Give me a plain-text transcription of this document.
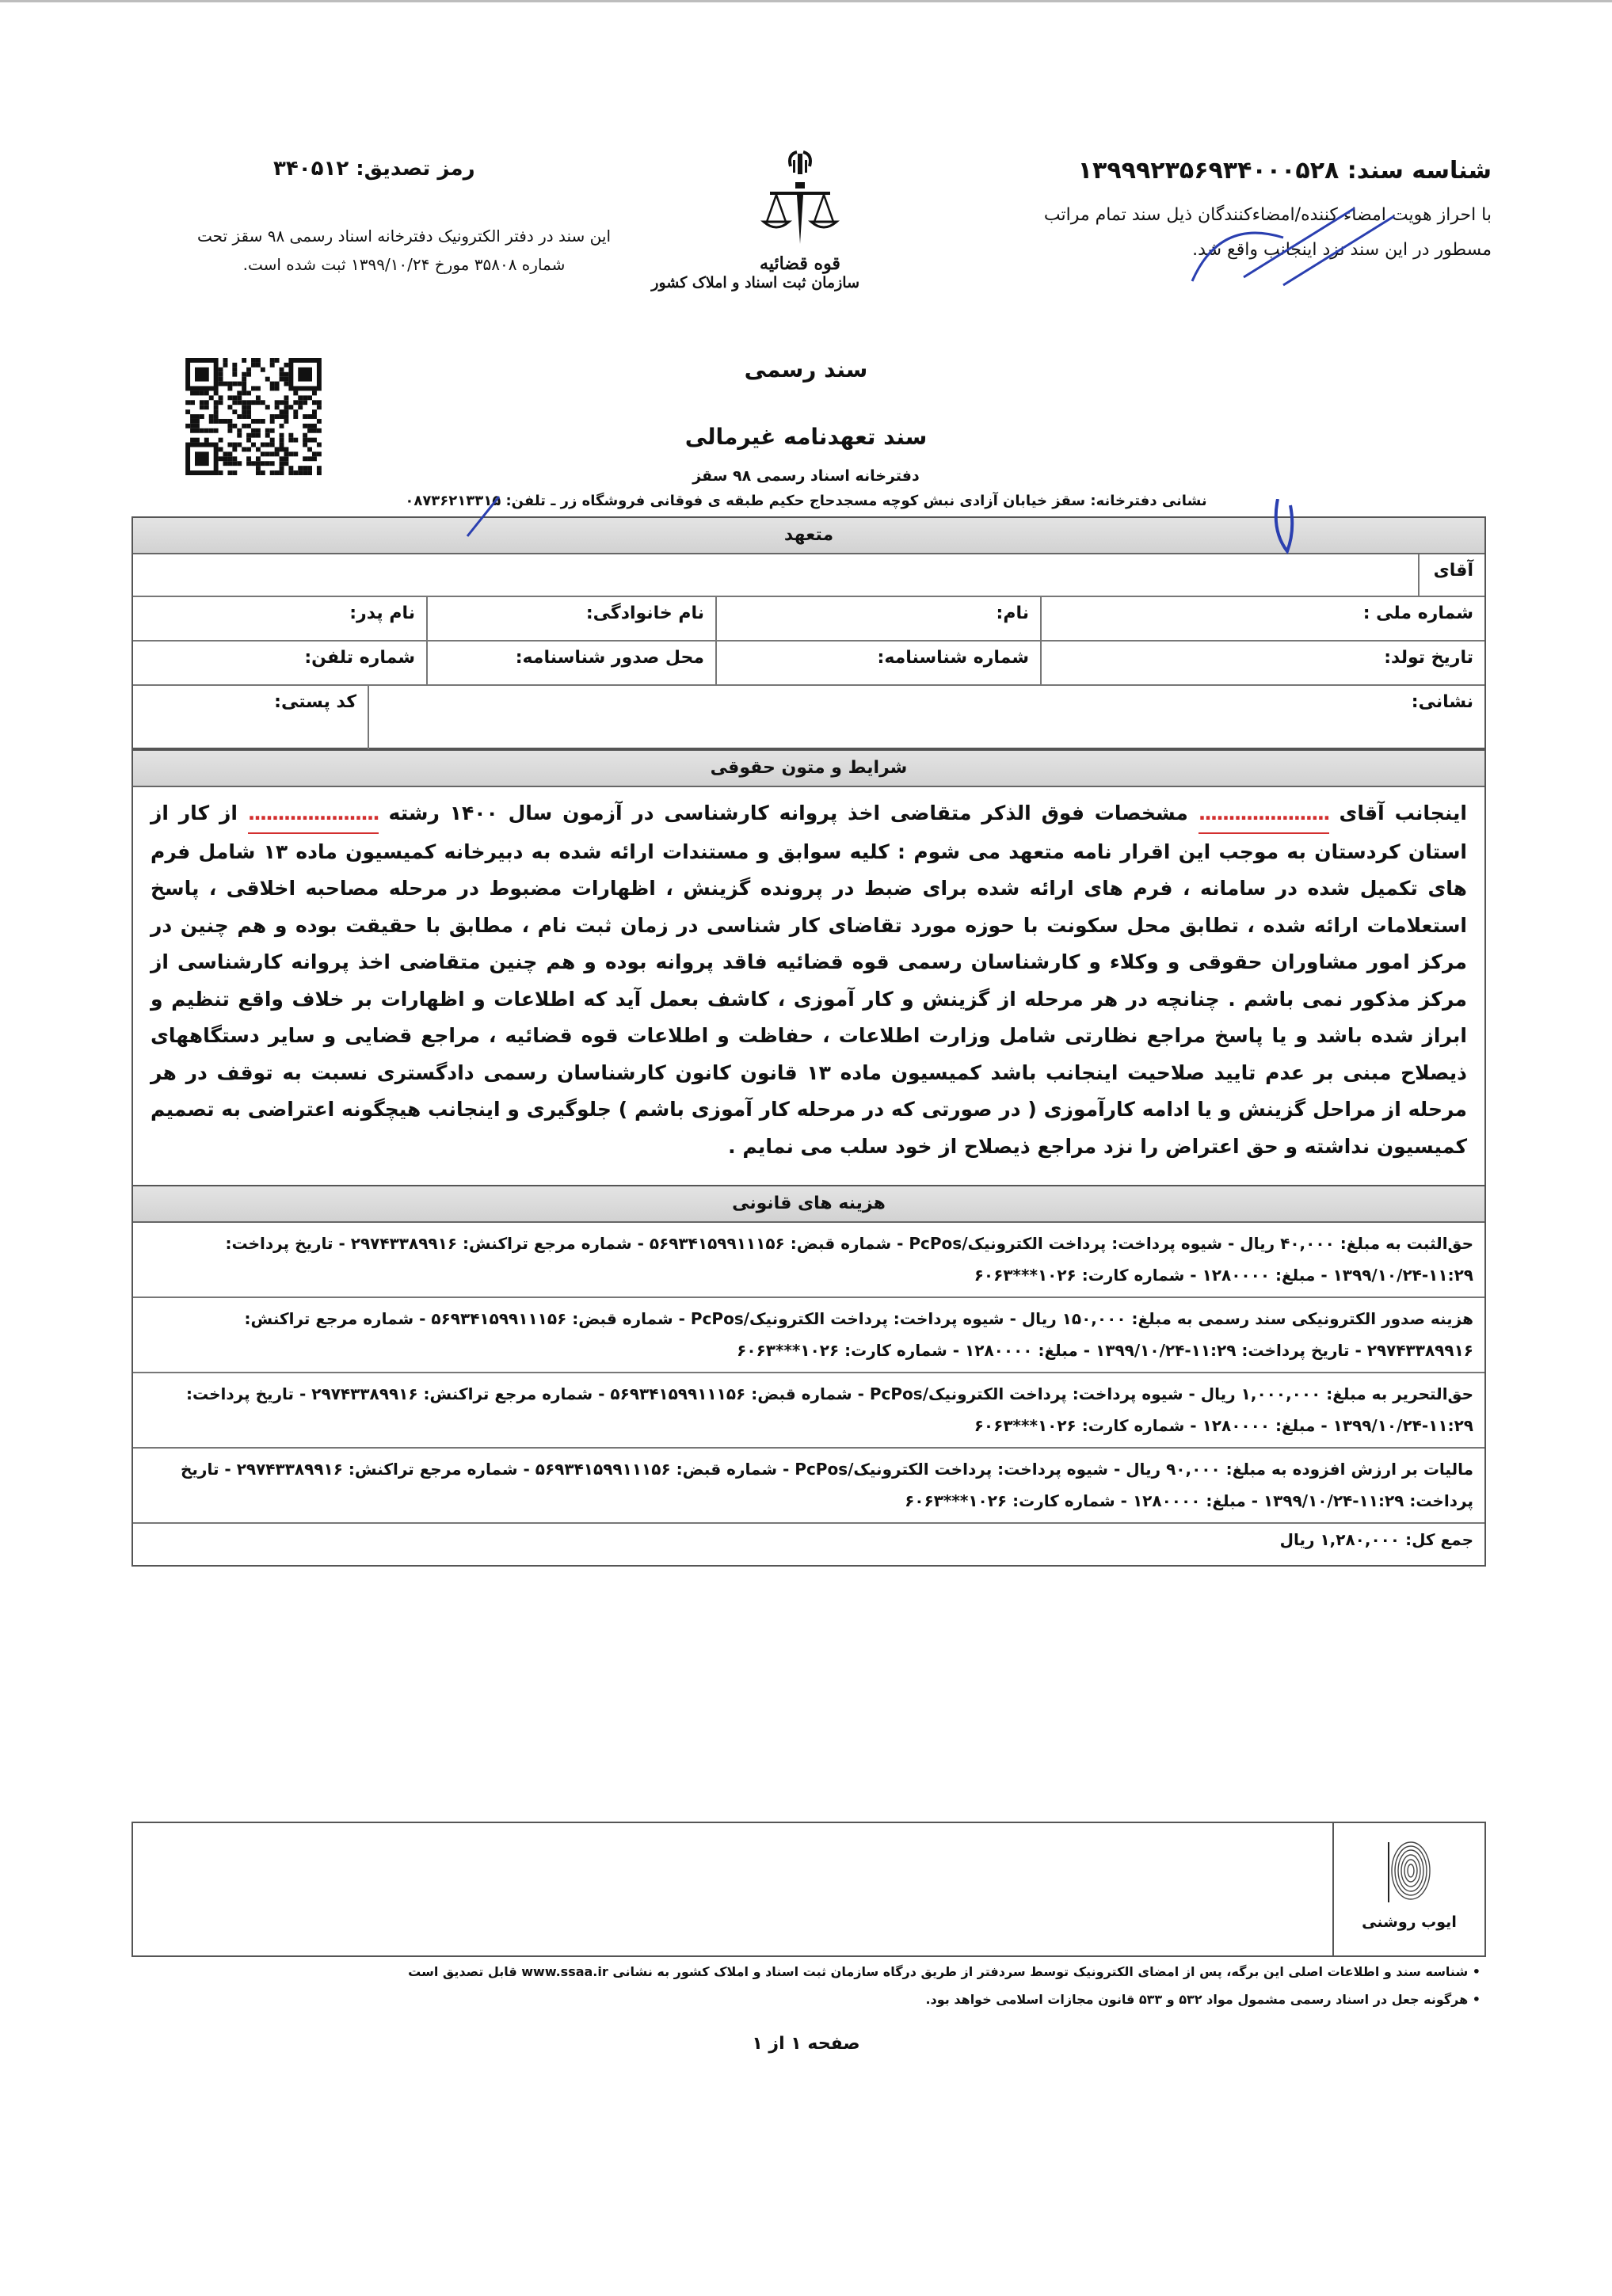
شناسه سند: ۱۳۹۹۹۲۳۵۶۹۳۴۰۰۰۵۲۸
با احراز هویت امضاء کننده/امضاءکنندگان ذیل سند تمام مراتب مسطور در این سند نزد اینجانب واقع شد.
رمز تصدیق: ۳۴۰۵۱۲
این سند در دفتر الکترونیک دفترخانه اسناد رسمی ۹۸ سقز تحت شماره ۳۵۸۰۸ مورخ ۱۳۹۹/۱۰/۲۴ ثبت شده است.	قوه قضائیه
سازمان ثبت اسناد و املاک کشور
سند رسمی
سند تعهدنامه غیرمالی
دفترخانه اسناد رسمی ۹۸ سقز
نشانی دفترخانه: سقز خیابان آزادی نبش کوچه مسجدحاج حکیم طبقه ی فوقانی فروشگاه زر ـ تلفن: ۰۸۷۳۶۲۱۳۳۱۵
متعهد
آقای
شماره ملی :
نام:
نام خانوادگی:
نام پدر:
تاریخ تولد:
شماره شناسنامه:
محل صدور شناسنامه:
شماره تلفن:
نشانی:
کد پستی:
شرایط و متون حقوقی
اینجانب آقای ...................... مشخصات فوق الذکر متقاضی اخذ پروانه کارشناسی در آزمون سال ۱۴۰۰ رشته ...................... از کار از استان کردستان به موجب این اقرار نامه متعهد می شوم : کلیه سوابق و مستندات ارائه شده به دبیرخانه کمیسیون ماده ۱۳ شامل فرم های تکمیل شده در سامانه ، فرم های ارائه شده برای ضبط در پرونده گزینش ، اظهارات مضبوط در مرحله مصاحبه اخلاقی ، پاسخ استعلامات ارائه شده ، تطابق محل سکونت با حوزه مورد تقاضای کار شناسی در زمان ثبت نام ، مطابق با حقیقت بوده و هم چنین در مرکز امور مشاوران حقوقی و وکلاء و کارشناسان رسمی قوه قضائیه فاقد پروانه بوده و هم چنین متقاضی اخذ پروانه کارشناسی از مرکز مذکور نمی باشم . چنانچه در هر مرحله از گزینش و کار آموزی ، کاشف بعمل آید که اطلاعات و اظهارات بر خلاف واقع تنظیم و ابراز شده باشد و یا پاسخ مراجع نظارتی شامل وزارت اطلاعات ، حفاظت و اطلاعات قوه قضائیه ، مراجع قضایی و سایر دستگاههای ذیصلاح مبنی بر عدم تایید صلاحیت اینجانب باشد کمیسیون ماده ۱۳ قانون کانون کارشناسان رسمی دادگستری نسبت به توقف در هر مرحله از مراحل گزینش و یا ادامه کارآموزی ( در صورتی که در مرحله کار آموزی باشم ) جلوگیری و اینجانب هیچگونه اعتراضی به تصمیم کمیسیون نداشته و حق اعتراض را نزد مراجع ذیصلاح از خود سلب می نمایم .
هزینه های قانونی
حق‌الثبت به مبلغ: ۴۰,۰۰۰ ریال - شیوه پرداخت: پرداخت الکترونیک/PcPos - شماره قبض: ۵۶۹۳۴۱۵۹۹۱۱۱۵۶ - شماره مرجع تراکنش: ۲۹۷۴۳۳۸۹۹۱۶ - تاریخ پرداخت: ۱۱:۲۹-۱۳۹۹/۱۰/۲۴ - مبلغ: ۱۲۸۰۰۰۰ - شماره کارت: ۱۰۲۶***۶۰۶۳
هزینه صدور الکترونیکی سند رسمی به مبلغ: ۱۵۰,۰۰۰ ریال - شیوه پرداخت: پرداخت الکترونیک/PcPos - شماره قبض: ۵۶۹۳۴۱۵۹۹۱۱۱۵۶ - شماره مرجع تراکنش: ۲۹۷۴۳۳۸۹۹۱۶ - تاریخ پرداخت: ۱۱:۲۹-۱۳۹۹/۱۰/۲۴ - مبلغ: ۱۲۸۰۰۰۰ - شماره کارت: ۱۰۲۶***۶۰۶۳
حق‌التحریر به مبلغ: ۱,۰۰۰,۰۰۰ ریال - شیوه پرداخت: پرداخت الکترونیک/PcPos - شماره قبض: ۵۶۹۳۴۱۵۹۹۱۱۱۵۶ - شماره مرجع تراکنش: ۲۹۷۴۳۳۸۹۹۱۶ - تاریخ پرداخت: ۱۱:۲۹-۱۳۹۹/۱۰/۲۴ - مبلغ: ۱۲۸۰۰۰۰ - شماره کارت: ۱۰۲۶***۶۰۶۳
مالیات بر ارزش افزوده به مبلغ: ۹۰,۰۰۰ ریال - شیوه پرداخت: پرداخت الکترونیک/PcPos - شماره قبض: ۵۶۹۳۴۱۵۹۹۱۱۱۵۶ - شماره مرجع تراکنش: ۲۹۷۴۳۳۸۹۹۱۶ - تاریخ پرداخت: ۱۱:۲۹-۱۳۹۹/۱۰/۲۴ - مبلغ: ۱۲۸۰۰۰۰ - شماره کارت: ۱۰۲۶***۶۰۶۳
جمع کل: ۱,۲۸۰,۰۰۰ ریال
ایوب روشنی
• شناسه سند و اطلاعات اصلی این برگه، پس از امضای الکترونیک توسط سردفتر از طریق درگاه سازمان ثبت اسناد و املاک کشور به نشانی www.ssaa.ir قابل تصدیق است
• هرگونه جعل در اسناد رسمی مشمول مواد ۵۳۲ و ۵۳۳ قانون مجازات اسلامی خواهد بود.
صفحه ۱ از ۱
